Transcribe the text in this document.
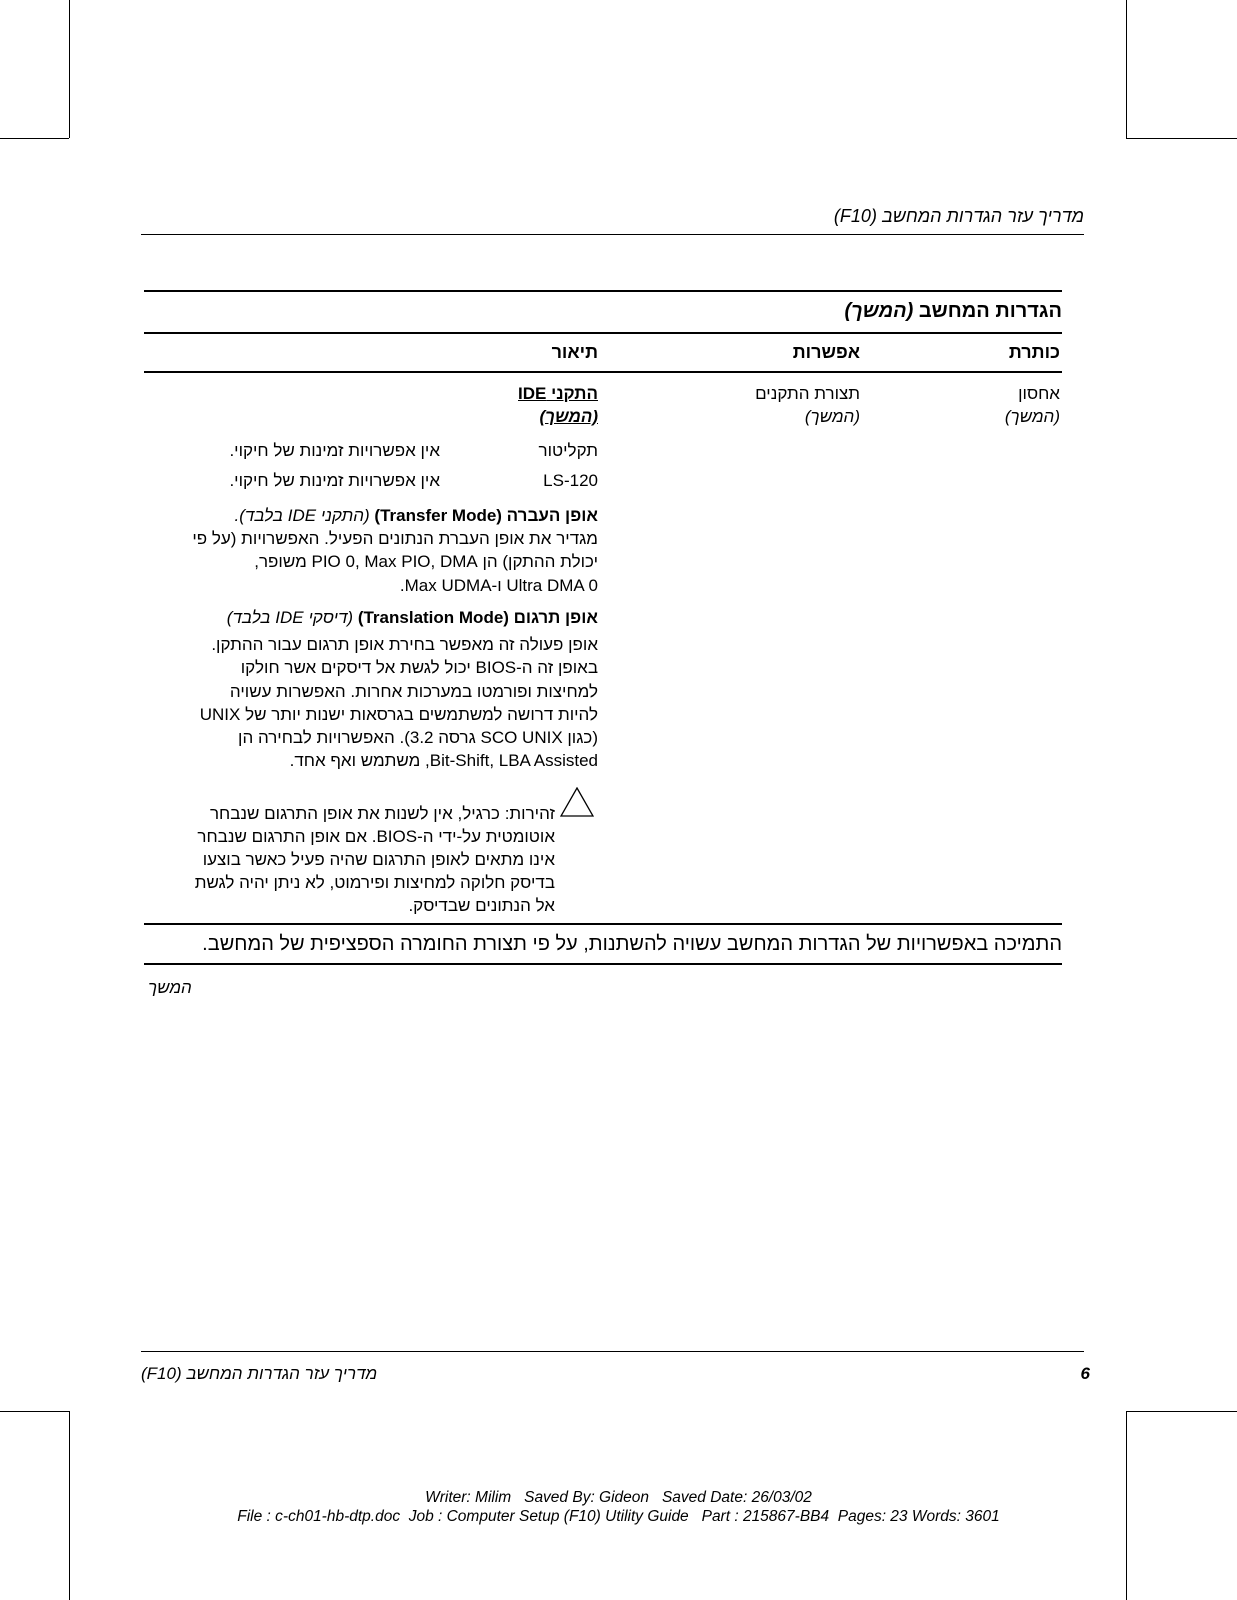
מדריך עזר הגדרות המחשב (F10)
הגדרות המחשב (המשך)
כותרת
אפשרות
תיאור
אחסון
(המשך)
תצורת התקנים
(המשך)
התקני IDE
(המשך)
תקליטור
אין אפשרויות זמינות של חיקוי.
LS-120
אין אפשרויות זמינות של חיקוי.
אופן העברה (Transfer Mode) (התקני IDE בלבד).
מגדיר את אופן העברת הנתונים הפעיל. האפשרויות (על פי
יכולת ההתקן) הן PIO 0, Max PIO, DMA משופר,
Ultra DMA 0 ו-Max UDMA.
אופן תרגום (Translation Mode) (דיסקי IDE בלבד)
אופן פעולה זה מאפשר בחירת אופן תרגום עבור ההתקן.
באופן זה ה-BIOS יכול לגשת אל דיסקים אשר חולקו
למחיצות ופורמטו במערכות אחרות. האפשרות עשויה
להיות דרושה למשתמשים בגרסאות ישנות יותר של UNIX
(כגון SCO UNIX גרסה 3.2). האפשרויות לבחירה הן
Bit-Shift, LBA Assisted, משתמש ואף אחד.
זהירות: כרגיל, אין לשנות את אופן התרגום שנבחר
אוטומטית על-ידי ה-BIOS. אם אופן התרגום שנבחר
אינו מתאים לאופן התרגום שהיה פעיל כאשר בוצעו
בדיסק חלוקה למחיצות ופירמוט, לא ניתן יהיה לגשת
אל הנתונים שבדיסק.
התמיכה באפשרויות של הגדרות המחשב עשויה להשתנות, על פי תצורת החומרה הספציפית של המחשב.
המשך
מדריך עזר הגדרות המחשב (F10)	6
Writer: Milim   Saved By: Gideon   Saved Date: 26/03/02
File : c-ch01-hb-dtp.doc  Job : Computer Setup (F10) Utility Guide   Part : 215867-BB4  Pages: 23 Words: 3601
